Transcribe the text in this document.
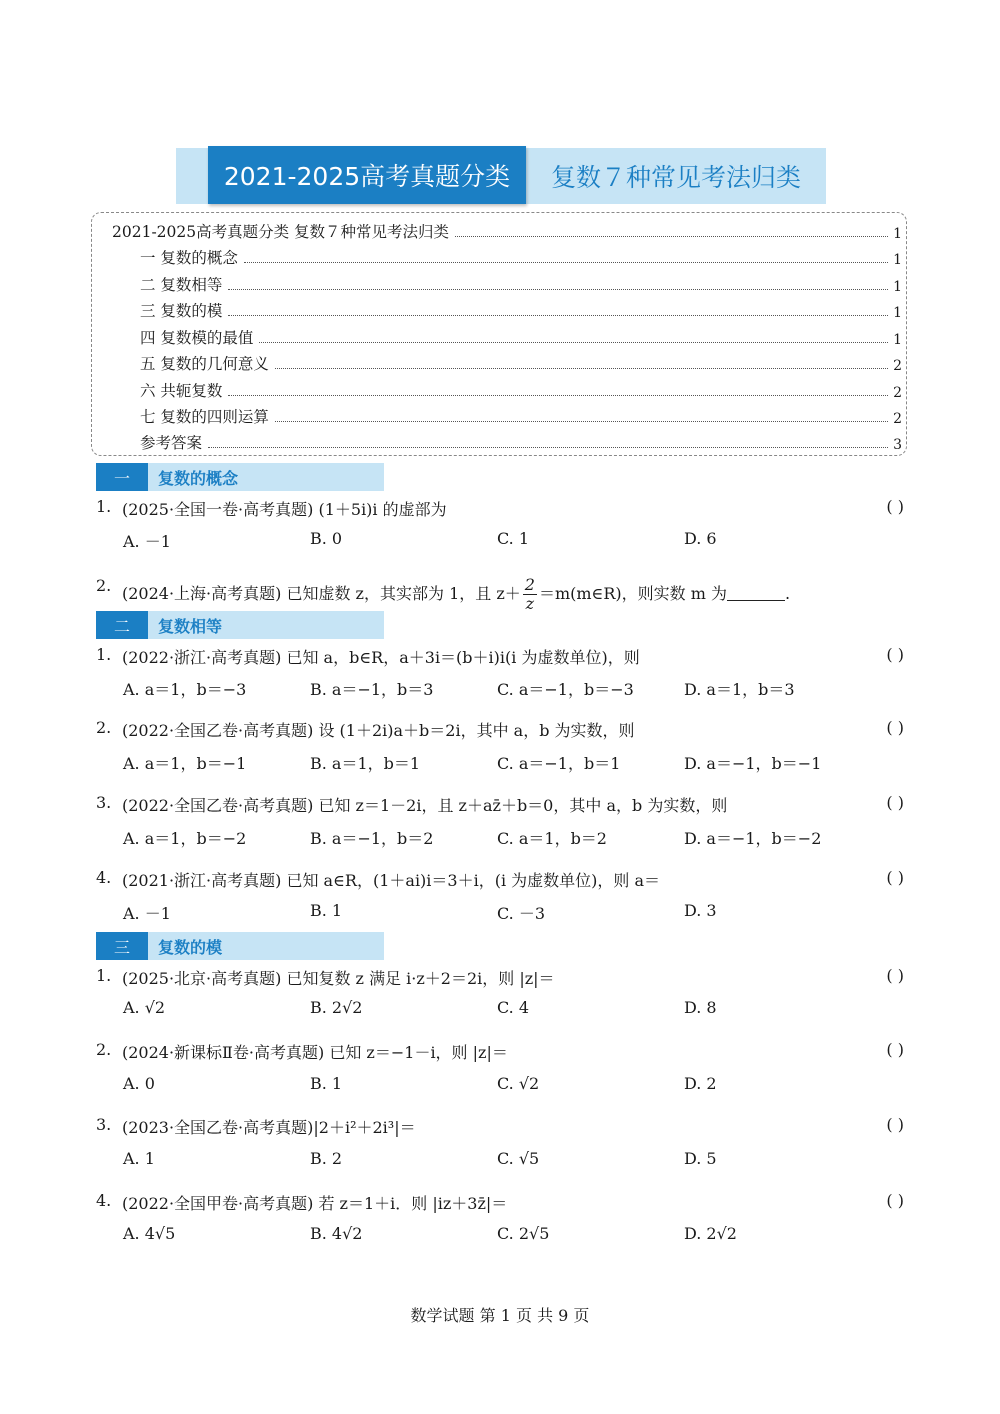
2021-2025高考真题分类	复数７种常见考法归类
2021-2025高考真题分类 复数７种常见考法归类	1
一 复数的概念	1
二 复数相等	1
三 复数的模	1
四 复数模的最值	1
五 复数的几何意义	2
六 共轭复数	2
七 复数的四则运算	2
参考答案	3
一	复数的概念
1. (2025·全国一卷·高考真题) (1＋5i)i 的虚部为	( )
A. －1	B. 0	C. 1	D. 6
2. (2024·上海·高考真题) 已知虚数 z，其实部为 1，且 $z+ \frac{2}{z}$ ＝m(m∈R)，则实数 m 为	.
二	复数相等
1. (2022·浙江·高考真题) 已知 a，b∈R，a＋3i＝(b＋i)i(i 为虚数单位)，则	( )
A. a＝1，b＝−3	B. a＝−1，b＝3	C. a＝−1，b＝−3	D. a＝1，b＝3
2. (2022·全国乙卷·高考真题) 设 (1＋2i)a＋b＝2i，其中 a，b 为实数，则	( )
A. a＝1，b＝−1	B. a＝1，b＝1	C. a＝−1，b＝1	D. a＝−1，b＝−1
3. (2022·全国乙卷·高考真题) 已知 z＝1－2i，且 z＋az̄＋b＝0，其中 a，b 为实数，则	( )
A. a＝1，b＝−2	B. a＝−1，b＝2	C. a＝1，b＝2	D. a＝−1，b＝−2
4. (2021·浙江·高考真题) 已知 a∈R，(1＋ai)i＝3＋i，(i 为虚数单位)，则 a＝	( )
A. －1	B. 1	C. －3	D. 3
三	复数的模
1. (2025·北京·高考真题) 已知复数 z 满足 i·z＋2＝2i，则 |z|＝	( )
A. √2	B. 2√2	C. 4	D. 8
2. (2024·新课标Ⅱ卷·高考真题) 已知 z＝−1－i，则 |z|＝	( )
A. 0	B. 1	C. √2	D. 2
3. (2023·全国乙卷·高考真题)|2＋i²＋2i³|＝	( )
A. 1	B. 2	C. √5	D. 5
4. (2022·全国甲卷·高考真题) 若 z＝1＋i．则 |iz＋3z̄|＝	( )
A. 4√5	B. 4√2	C. 2√5	D. 2√2
数学试题 第 1 页 共 9 页
